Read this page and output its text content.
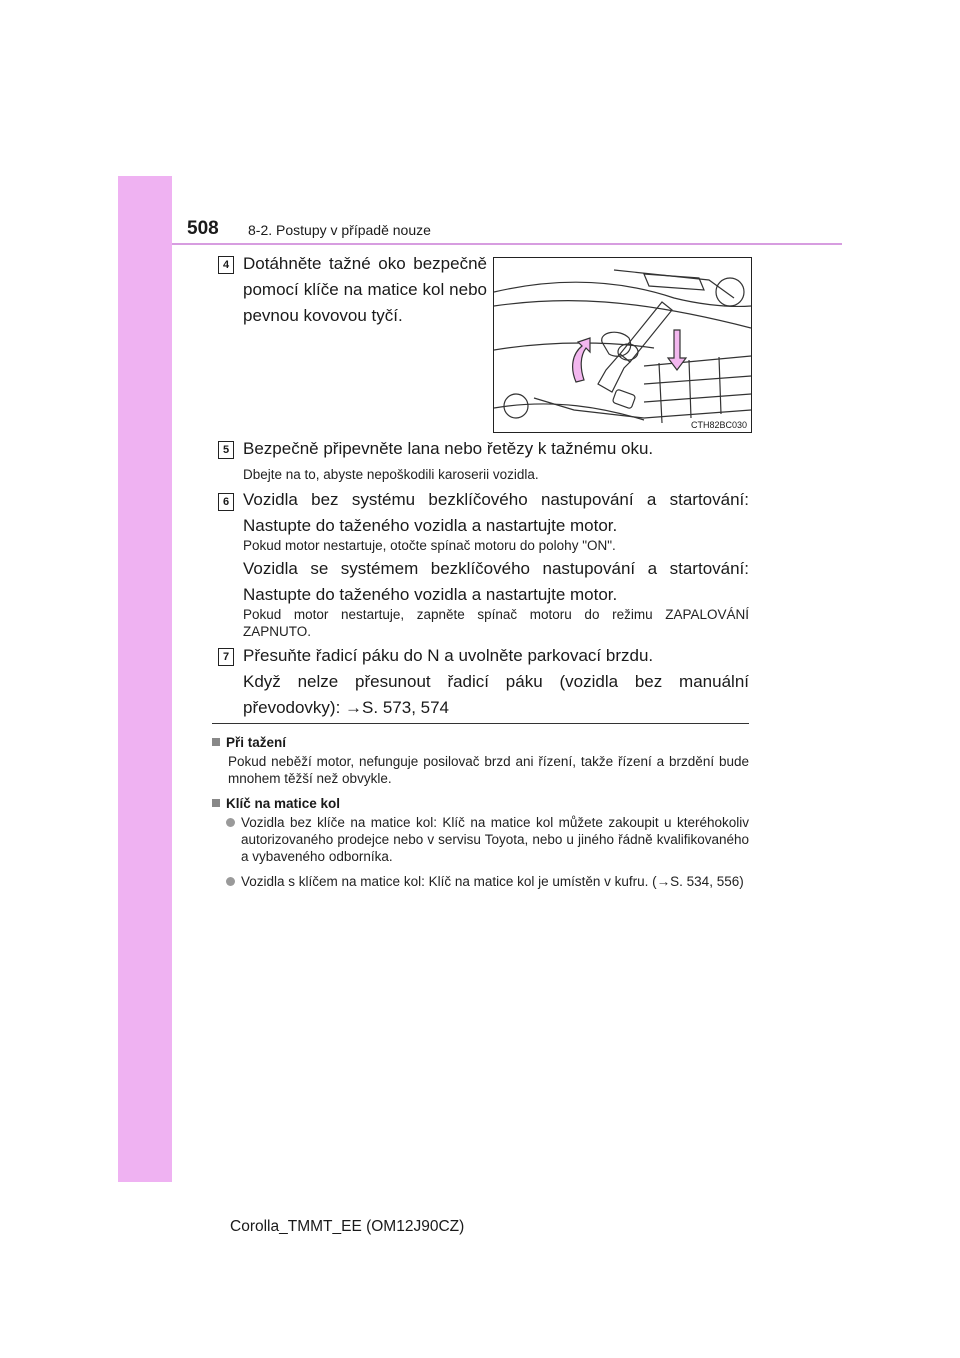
508 8-2. Postupy v případě nouze
4 Dotáhněte tažné oko bezpečně pomocí klíče na matice kol nebo pevnou kovovou tyčí.
CTH82BC030
5 Bezpečně připevněte lana nebo řetězy k tažnému oku.
Dbejte na to, abyste nepoškodili karoserii vozidla.
6 Vozidla bez systému bezklíčového nastupování a startování: Nastupte do taženého vozidla a nastartujte motor.
Pokud motor nestartuje, otočte spínač motoru do polohy "ON".
Vozidla se systémem bezklíčového nastupování a startování: Nastupte do taženého vozidla a nastartujte motor.
Pokud motor nestartuje, zapněte spínač motoru do režimu ZAPALOVÁNÍ ZAPNUTO.
7 Přesuňte řadicí páku do N a uvolněte parkovací brzdu.
Když nelze přesunout řadicí páku (vozidla bez manuální převodovky): →S. 573, 574
Při tažení
Pokud neběží motor, nefunguje posilovač brzd ani řízení, takže řízení a brzdění bude mnohem těžší než obvykle.
Klíč na matice kol
Vozidla bez klíče na matice kol: Klíč na matice kol můžete zakoupit u kteréhokoliv autorizovaného prodejce nebo v servisu Toyota, nebo u jiného řádně kvalifikovaného a vybaveného odborníka.
Vozidla s klíčem na matice kol: Klíč na matice kol je umístěn v kufru. (→S. 534, 556)
Corolla_TMMT_EE (OM12J90CZ)
